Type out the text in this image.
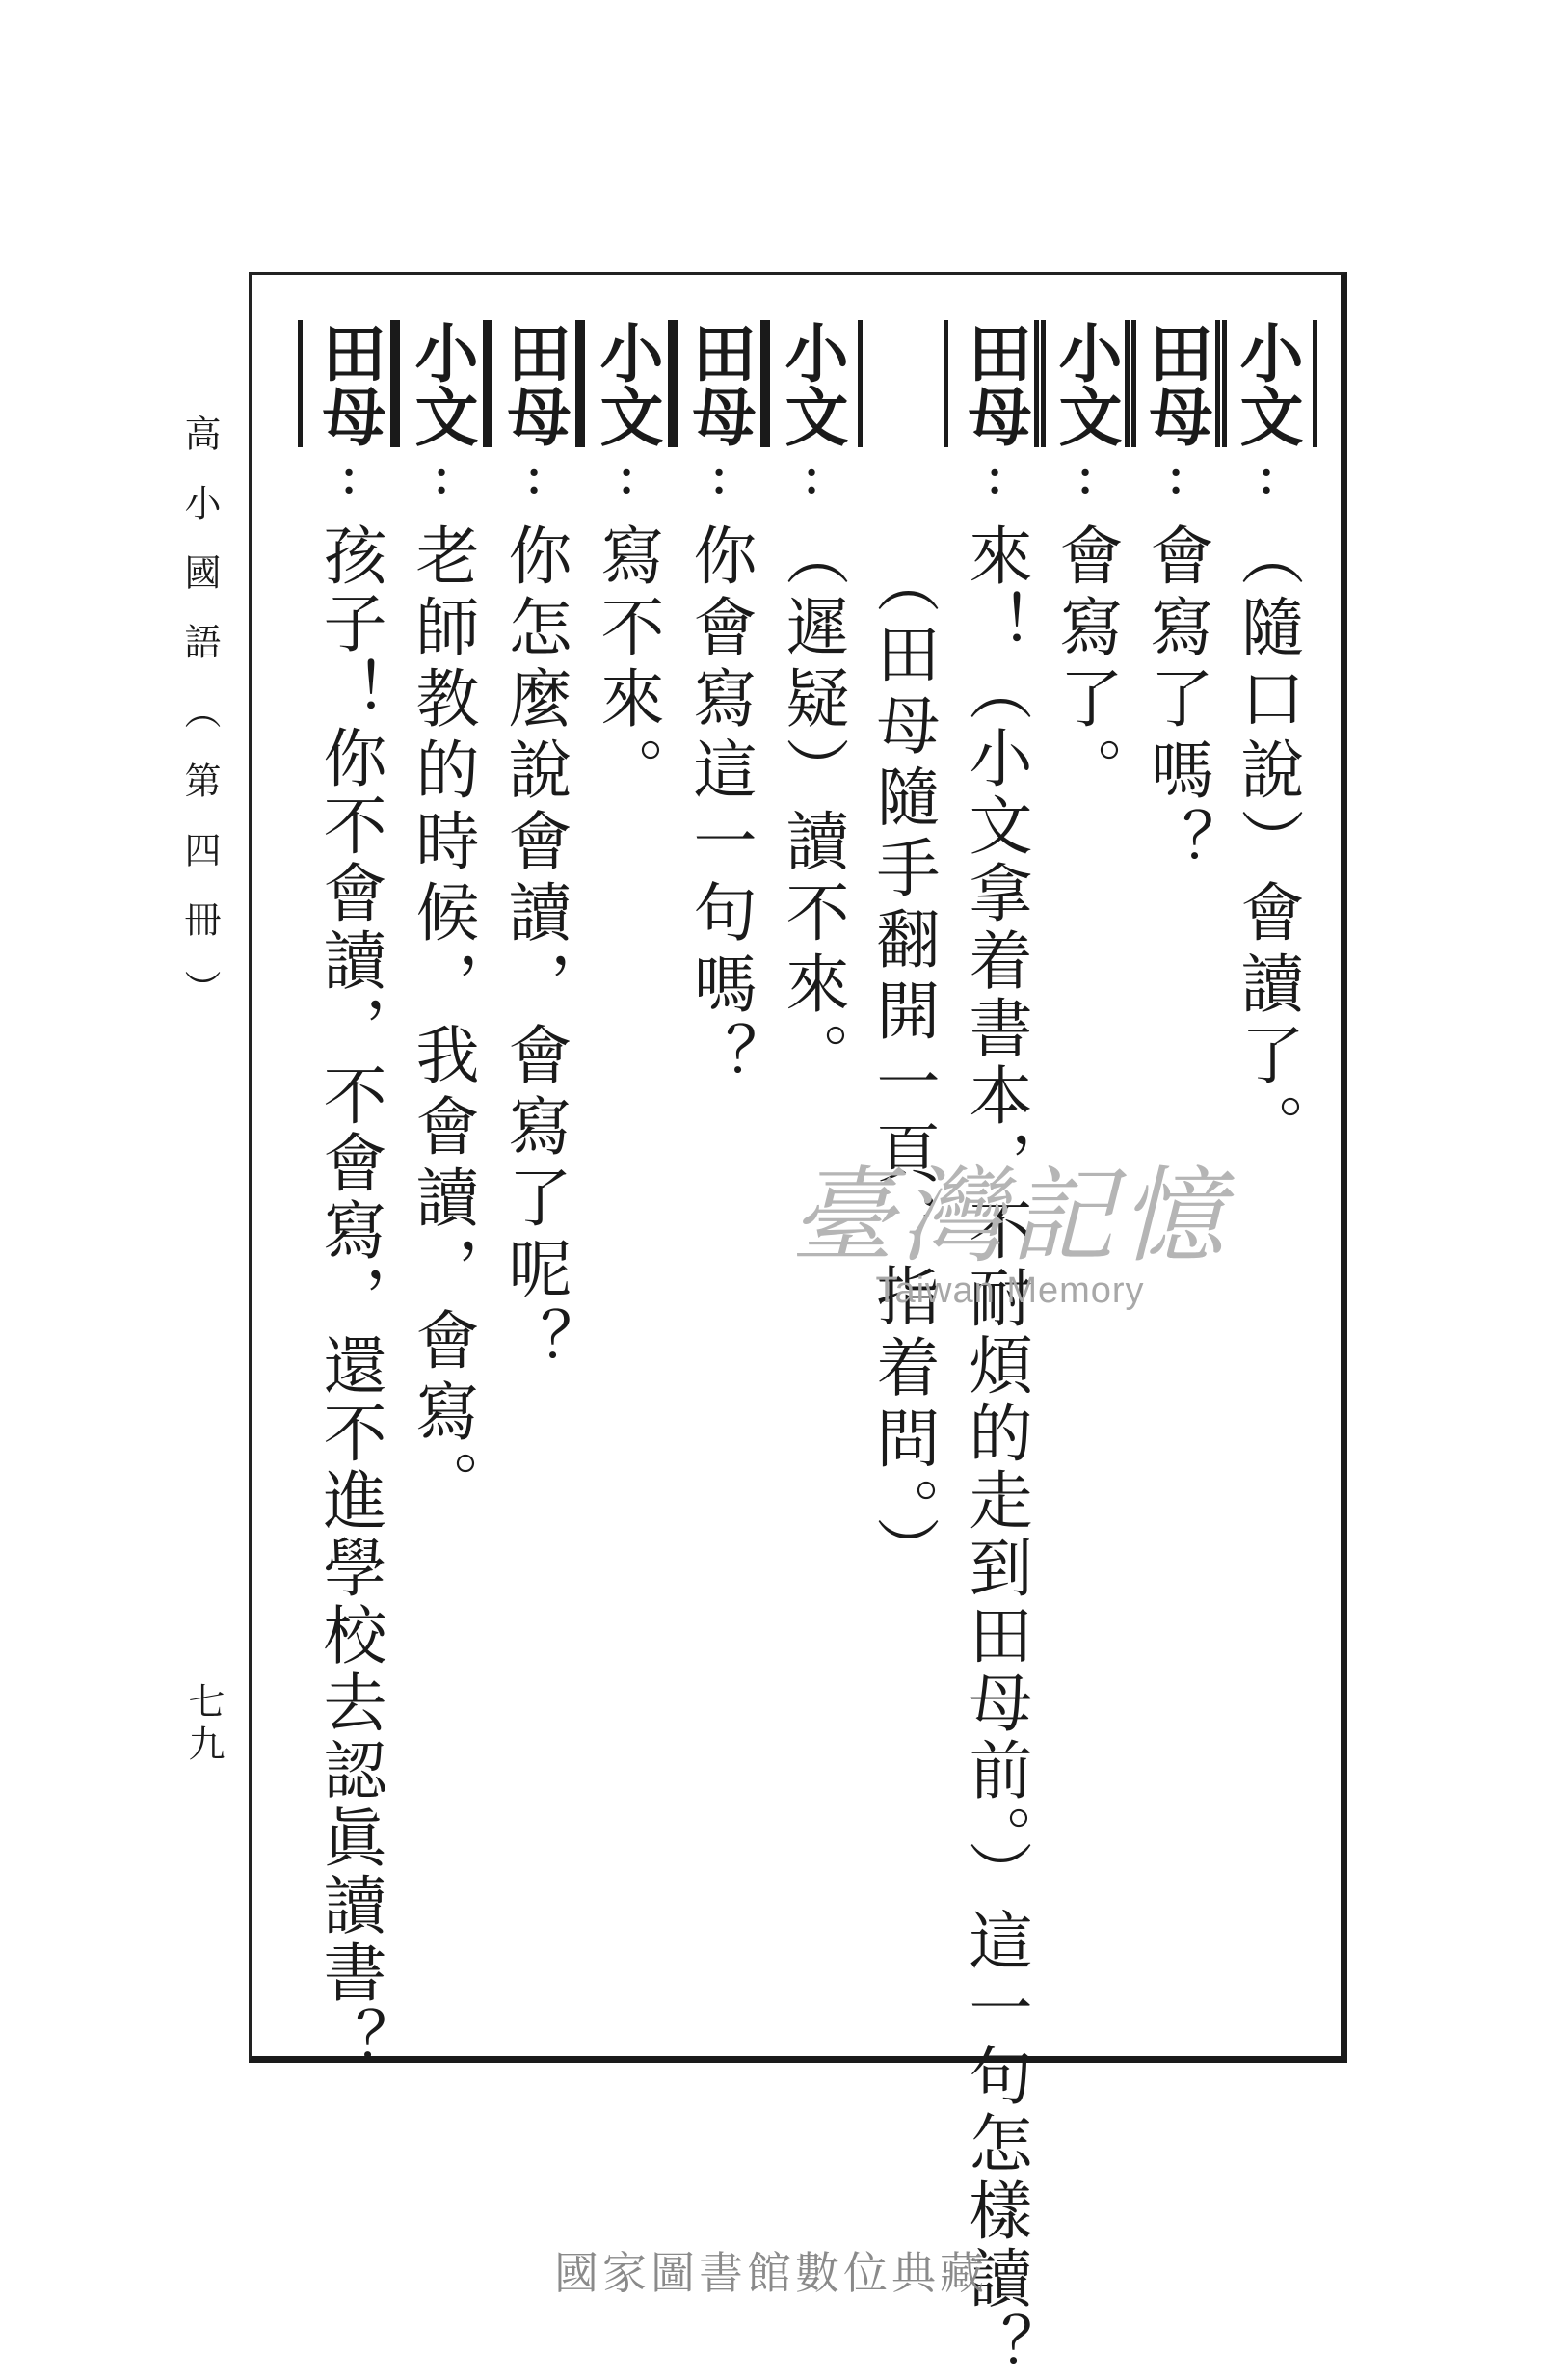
小文
:
（隨口說）會讀了。
田母
:
會寫了嗎？
小文
:
會寫了。
田母
:
來！（小文拿着書本，不耐煩的走到田母前。）這一句怎樣讀？
（田母隨手翻開一頁，指着問。）
小文
:
（遲疑）讀不來。
田母
:
你會寫這一句嗎？
小文
:
寫不來。
田母
:
你怎麼說會讀，會寫了呢？
小文
:
老師教的時候，我會讀，會寫。
田母
:
孩子！你不會讀，不會寫，還不進學校去認眞讀書？
高小國語（第四冊）
七九
臺灣記憶
Taiwan Memory
國家圖書館數位典藏
